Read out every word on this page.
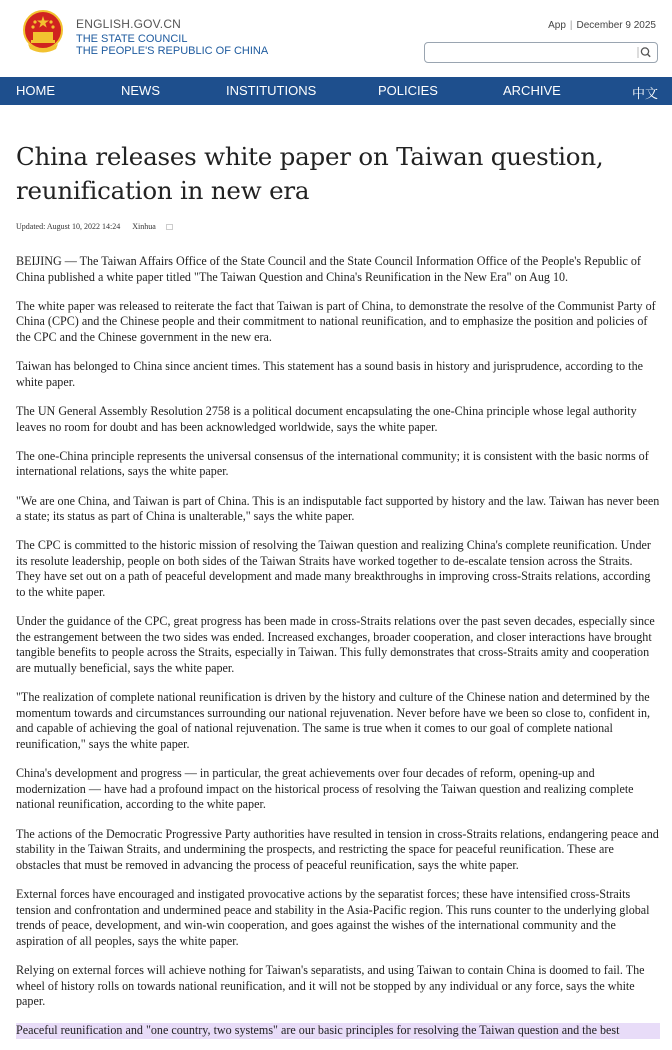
ENGLISH.GOV.CN
THE STATE COUNCIL
THE PEOPLE'S REPUBLIC OF CHINA
App | December 9 2025
HOME	NEWS	INSTITUTIONS	POLICIES	ARCHIVE	中文
China releases white paper on Taiwan question, reunification in new era
Updated: August 10, 2022 14:24 Xinhua

BEIJING — The Taiwan Affairs Office of the State Council and the State Council Information Office of the People's Republic of China published a white paper titled "The Taiwan Question and China's Reunification in the New Era" on Aug 10.

The white paper was released to reiterate the fact that Taiwan is part of China, to demonstrate the resolve of the Communist Party of China (CPC) and the Chinese people and their commitment to national reunification, and to emphasize the position and policies of the CPC and the Chinese government in the new era.

Taiwan has belonged to China since ancient times. This statement has a sound basis in history and jurisprudence, according to the white paper.

The UN General Assembly Resolution 2758 is a political document encapsulating the one-China principle whose legal authority leaves no room for doubt and has been acknowledged worldwide, says the white paper.

The one-China principle represents the universal consensus of the international community; it is consistent with the basic norms of international relations, says the white paper.

"We are one China, and Taiwan is part of China. This is an indisputable fact supported by history and the law. Taiwan has never been a state; its status as part of China is unalterable," says the white paper.

The CPC is committed to the historic mission of resolving the Taiwan question and realizing China's complete reunification. Under its resolute leadership, people on both sides of the Taiwan Straits have worked together to de-escalate tension across the Straits. They have set out on a path of peaceful development and made many breakthroughs in improving cross-Straits relations, according to the white paper.

Under the guidance of the CPC, great progress has been made in cross-Straits relations over the past seven decades, especially since the estrangement between the two sides was ended. Increased exchanges, broader cooperation, and closer interactions have brought tangible benefits to people across the Straits, especially in Taiwan. This fully demonstrates that cross-Straits amity and cooperation are mutually beneficial, says the white paper.

"The realization of complete national reunification is driven by the history and culture of the Chinese nation and determined by the momentum towards and circumstances surrounding our national rejuvenation. Never before have we been so close to, confident in, and capable of achieving the goal of national rejuvenation. The same is true when it comes to our goal of complete national reunification," says the white paper.

China's development and progress — in particular, the great achievements over four decades of reform, opening-up and modernization — have had a profound impact on the historical process of resolving the Taiwan question and realizing complete national reunification, according to the white paper.

The actions of the Democratic Progressive Party authorities have resulted in tension in cross-Straits relations, endangering peace and stability in the Taiwan Straits, and undermining the prospects, and restricting the space for peaceful reunification. These are obstacles that must be removed in advancing the process of peaceful reunification, says the white paper.

External forces have encouraged and instigated provocative actions by the separatist forces; these have intensified cross-Straits tension and confrontation and undermined peace and stability in the Asia-Pacific region. This runs counter to the underlying global trends of peace, development, and win-win cooperation, and goes against the wishes of the international community and the aspiration of all peoples, says the white paper.

Relying on external forces will achieve nothing for Taiwan's separatists, and using Taiwan to contain China is doomed to fail. The wheel of history rolls on towards national reunification, and it will not be stopped by any individual or any force, says the white paper.

Peaceful reunification and "one country, two systems" are our basic principles for resolving the Taiwan question and the best
